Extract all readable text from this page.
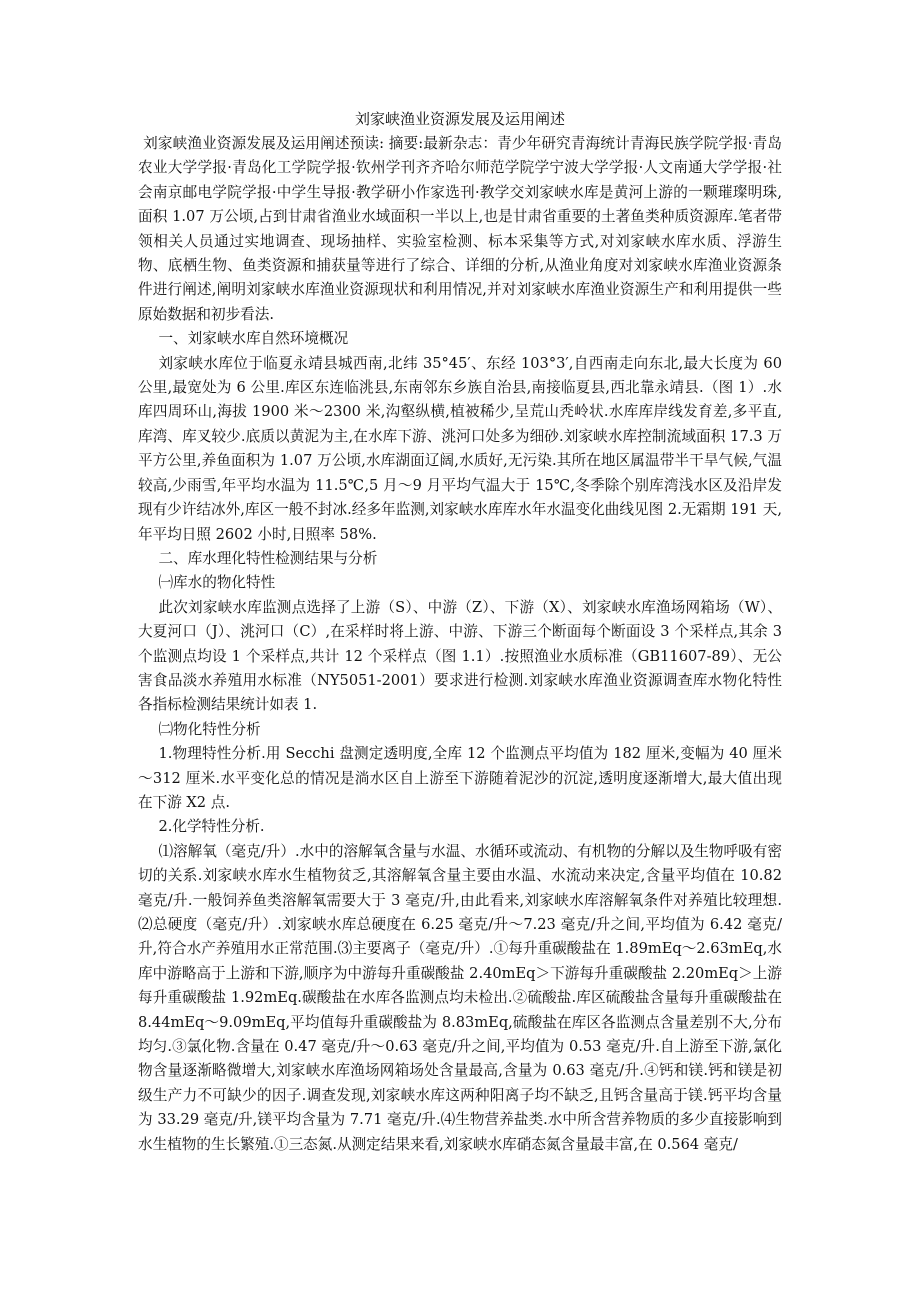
刘家峡渔业资源发展及运用阐述

刘家峡渔业资源发展及运用阐述预读: 摘要:最新杂志：青少年研究青海统计青海民族学院学报·青岛农业大学学报·青岛化工学院学报·钦州学刊齐齐哈尔师范学院学宁波大学学报·人文南通大学学报·社会南京邮电学院学报·中学生导报·教学研小作家选刊·教学交刘家峡水库是黄河上游的一颗璀璨明珠,面积 1.07 万公顷,占到甘肃省渔业水域面积一半以上,也是甘肃省重要的土著鱼类种质资源库.笔者带领相关人员通过实地调查、现场抽样、实验室检测、标本采集等方式,对刘家峡水库水质、浮游生物、底栖生物、鱼类资源和捕获量等进行了综合、详细的分析,从渔业角度对刘家峡水库渔业资源条件进行阐述,阐明刘家峡水库渔业资源现状和利用情况,并对刘家峡水库渔业资源生产和利用提供一些原始数据和初步看法.

一、刘家峡水库自然环境概况

刘家峡水库位于临夏永靖县城西南,北纬 35°45′、东经 103°3′,自西南走向东北,最大长度为 60 公里,最宽处为 6 公里.库区东连临洮县,东南邻东乡族自治县,南接临夏县,西北靠永靖县.（图 1）.水库四周环山,海拔 1900 米～2300 米,沟壑纵横,植被稀少,呈荒山秃岭状.水库库岸线发育差,多平直,库湾、库叉较少.底质以黄泥为主,在水库下游、洮河口处多为细砂.刘家峡水库控制流域面积 17.3 万平方公里,养鱼面积为 1.07 万公顷,水库湖面辽阔,水质好,无污染.其所在地区属温带半干旱气候,气温较高,少雨雪,年平均水温为 11.5℃,5 月～9 月平均气温大于 15℃,冬季除个别库湾浅水区及沿岸发现有少许结冰外,库区一般不封冰.经多年监测,刘家峡水库库水年水温变化曲线见图 2.无霜期 191 天,年平均日照 2602 小时,日照率 58%.

二、库水理化特性检测结果与分析

㈠库水的物化特性

此次刘家峡水库监测点选择了上游（S）、中游（Z）、下游（X）、刘家峡水库渔场网箱场（W）、大夏河口（J）、洮河口（C）,在采样时将上游、中游、下游三个断面每个断面设 3 个采样点,其余 3 个监测点均设 1 个采样点,共计 12 个采样点（图 1.1）.按照渔业水质标准（GB11607-89）、无公害食品淡水养殖用水标准（NY5051-2001）要求进行检测.刘家峡水库渔业资源调查库水物化特性各指标检测结果统计如表 1.

㈡物化特性分析

1.物理特性分析.用 Secchi 盘测定透明度,全库 12 个监测点平均值为 182 厘米,变幅为 40 厘米～312 厘米.水平变化总的情况是淌水区自上游至下游随着泥沙的沉淀,透明度逐渐增大,最大值出现在下游 X2 点.

2.化学特性分析.

⑴溶解氧（毫克/升）.水中的溶解氧含量与水温、水循环或流动、有机物的分解以及生物呼吸有密切的关系.刘家峡水库水生植物贫乏,其溶解氧含量主要由水温、水流动来决定,含量平均值在 10.82 毫克/升.一般饲养鱼类溶解氧需要大于 3 毫克/升,由此看来,刘家峡水库溶解氧条件对养殖比较理想.⑵总硬度（毫克/升）.刘家峡水库总硬度在 6.25 毫克/升～7.23 毫克/升之间,平均值为 6.42 毫克/升,符合水产养殖用水正常范围.⑶主要离子（毫克/升）.①每升重碳酸盐在 1.89mEq～2.63mEq,水库中游略高于上游和下游,顺序为中游每升重碳酸盐 2.40mEq＞下游每升重碳酸盐 2.20mEq＞上游每升重碳酸盐 1.92mEq.碳酸盐在水库各监测点均未检出.②硫酸盐.库区硫酸盐含量每升重碳酸盐在 8.44mEq～9.09mEq,平均值每升重碳酸盐为 8.83mEq,硫酸盐在库区各监测点含量差别不大,分布均匀.③氯化物.含量在 0.47 毫克/升～0.63 毫克/升之间,平均值为 0.53 毫克/升.自上游至下游,氯化物含量逐渐略微增大,刘家峡水库渔场网箱场处含量最高,含量为 0.63 毫克/升.④钙和镁.钙和镁是初级生产力不可缺少的因子.调查发现,刘家峡水库这两种阳离子均不缺乏,且钙含量高于镁.钙平均含量为 33.29 毫克/升,镁平均含量为 7.71 毫克/升.⑷生物营养盐类.水中所含营养物质的多少直接影响到水生植物的生长繁殖.①三态氮.从测定结果来看,刘家峡水库硝态氮含量最丰富,在 0.564 毫克/
